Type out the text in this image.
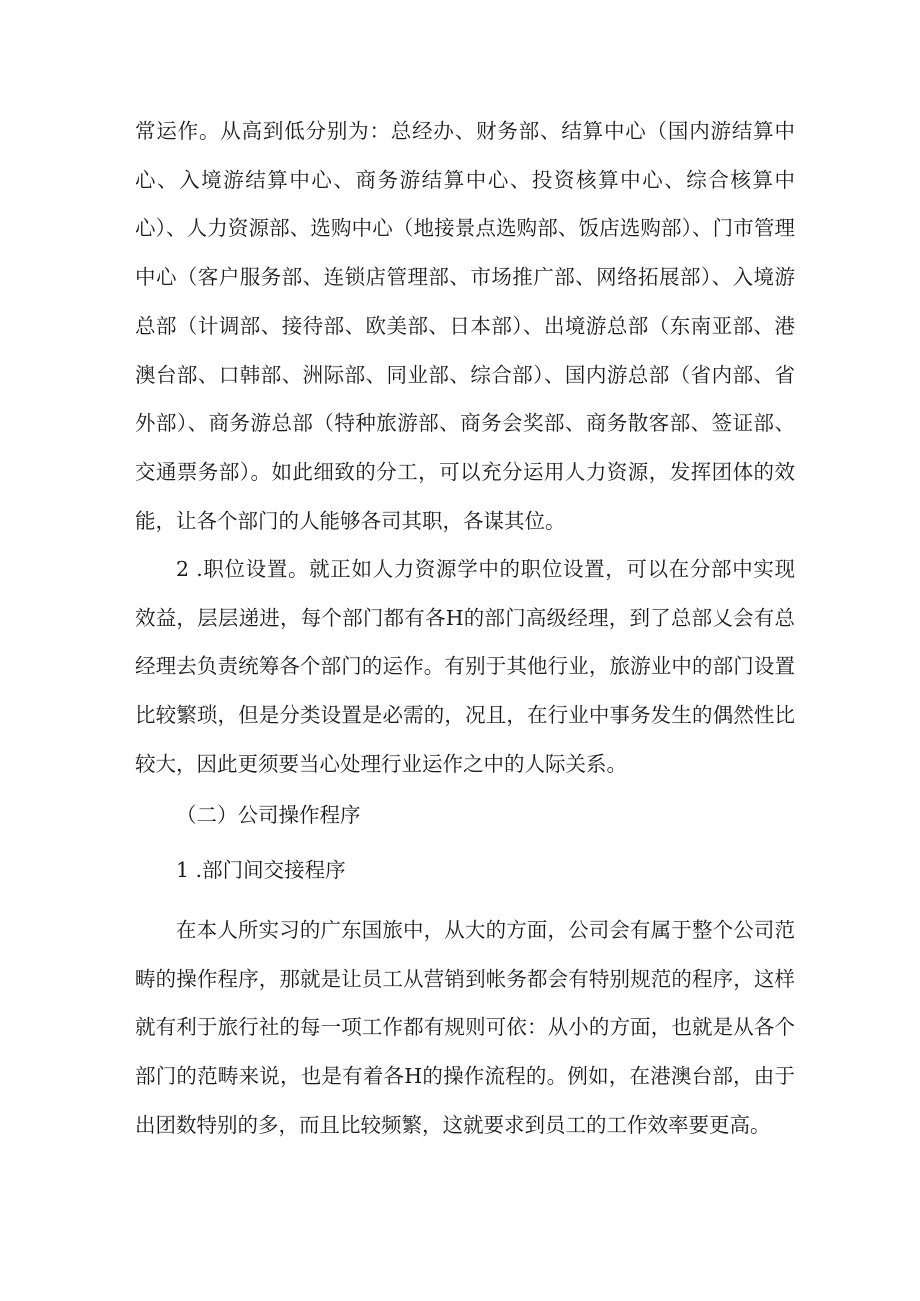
常运作。从高到低分别为：总经办、财务部、结算中心（国内游结算中心、入境游结算中心、商务游结算中心、投资核算中心、综合核算中心）、人力资源部、选购中心（地接景点选购部、饭店选购部）、门市管理中心（客户服务部、连锁店管理部、市场推广部、网络拓展部）、入境游总部（计调部、接待部、欧美部、日本部）、出境游总部（东南亚部、港澳台部、口韩部、洲际部、同业部、综合部）、国内游总部（省内部、省外部）、商务游总部（特种旅游部、商务会奖部、商务散客部、签证部、交通票务部）。如此细致的分工，可以充分运用人力资源，发挥团体的效能，让各个部门的人能够各司其职，各谋其位。

2 .职位设置。就正如人力资源学中的职位设置，可以在分部中实现效益，层层递进，每个部门都有各H的部门高级经理，到了总部乂会有总经理去负责统筹各个部门的运作。有别于其他行业，旅游业中的部门设置比较繁琐，但是分类设置是必需的，况且，在行业中事务发生的偶然性比较大，因此更须要当心处理行业运作之中的人际关系。

（二）公司操作程序

1 .部门间交接程序

在本人所实习的广东国旅中，从大的方面，公司会有属于整个公司范畴的操作程序，那就是让员工从营销到帐务都会有特别规范的程序，这样就有利于旅行社的每一项工作都有规则可依：从小的方面，也就是从各个部门的范畴来说，也是有着各H的操作流程的。例如，在港澳台部，由于出团数特别的多，而且比较频繁，这就要求到员工的工作效率要更高。
